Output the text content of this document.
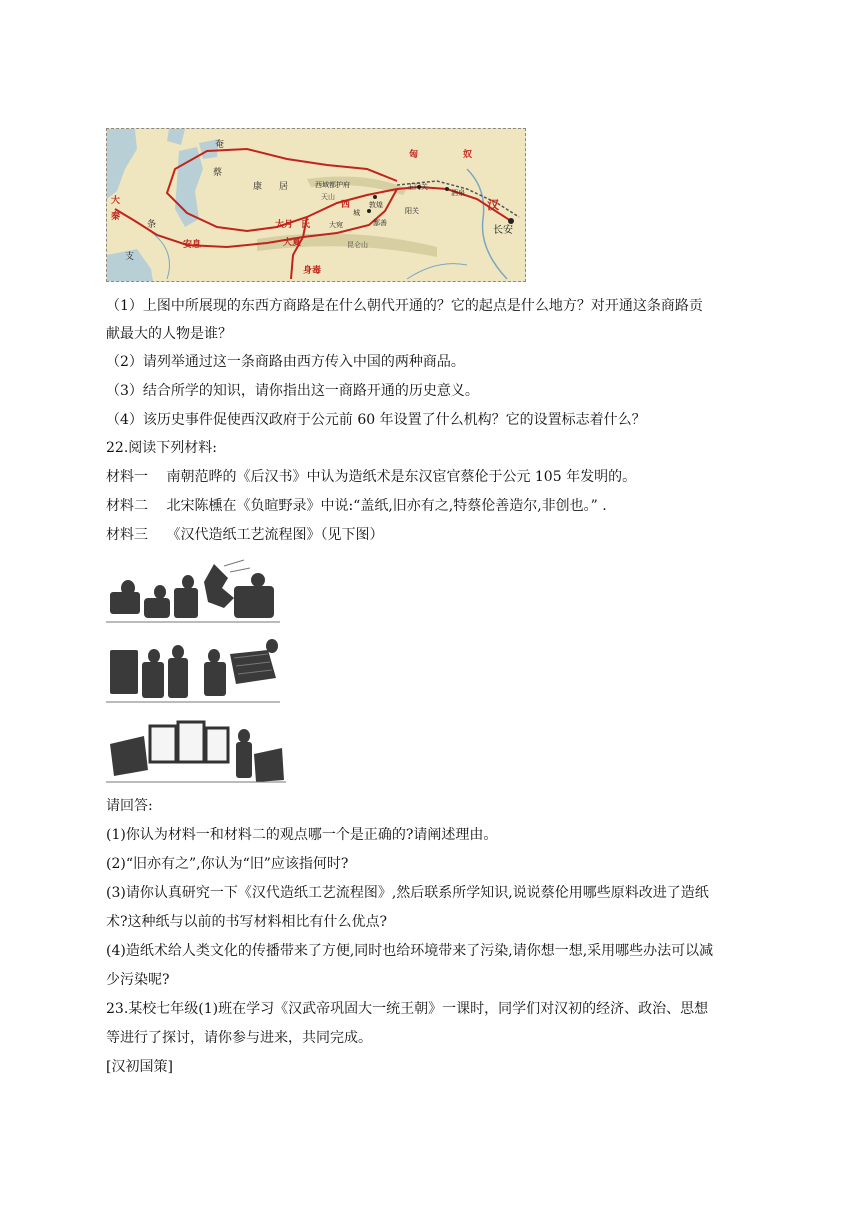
奄
蔡
康 居
匈	奴
汉
长安
敦煌
城
酒泉
玉门关
阳关
西域都护府
天山
西
昆仑山
鄯善
大宛
大月 氏
大夏
安息
身毒
条
支
秦
大
（1）上图中所展现的东西方商路是在什么朝代开通的？它的起点是什么地方？对开通这条商路贡
献最大的人物是谁？
（2）请列举通过这一条商路由西方传入中国的两种商品。
（3）结合所学的知识，请你指出这一商路开通的历史意义。
（4）该历史事件促使西汉政府于公元前 60 年设置了什么机构？它的设置标志着什么？
22.阅读下列材料:
材料一　 南朝范晔的《后汉书》中认为造纸术是东汉宦官蔡伦于公元 105 年发明的。
材料二　 北宋陈櫄在《负暄野录》中说:“盖纸,旧亦有之,特蔡伦善造尔,非创也。” .
材料三　 《汉代造纸工艺流程图》（见下图）
请回答:
(1)你认为材料一和材料二的观点哪一个是正确的?请阐述理由。
(2)“旧亦有之”,你认为“旧”应该指何时?
(3)请你认真研究一下《汉代造纸工艺流程图》,然后联系所学知识,说说蔡伦用哪些原料改进了造纸
术?这种纸与以前的书写材料相比有什么优点?
(4)造纸术给人类文化的传播带来了方便,同时也给环境带来了污染,请你想一想,采用哪些办法可以减
少污染呢?
23.某校七年级(1)班在学习《汉武帝巩固大一统王朝》一课时，同学们对汉初的经济、政治、思想
等进行了探讨，请你参与进来，共同完成。
[汉初国策]
